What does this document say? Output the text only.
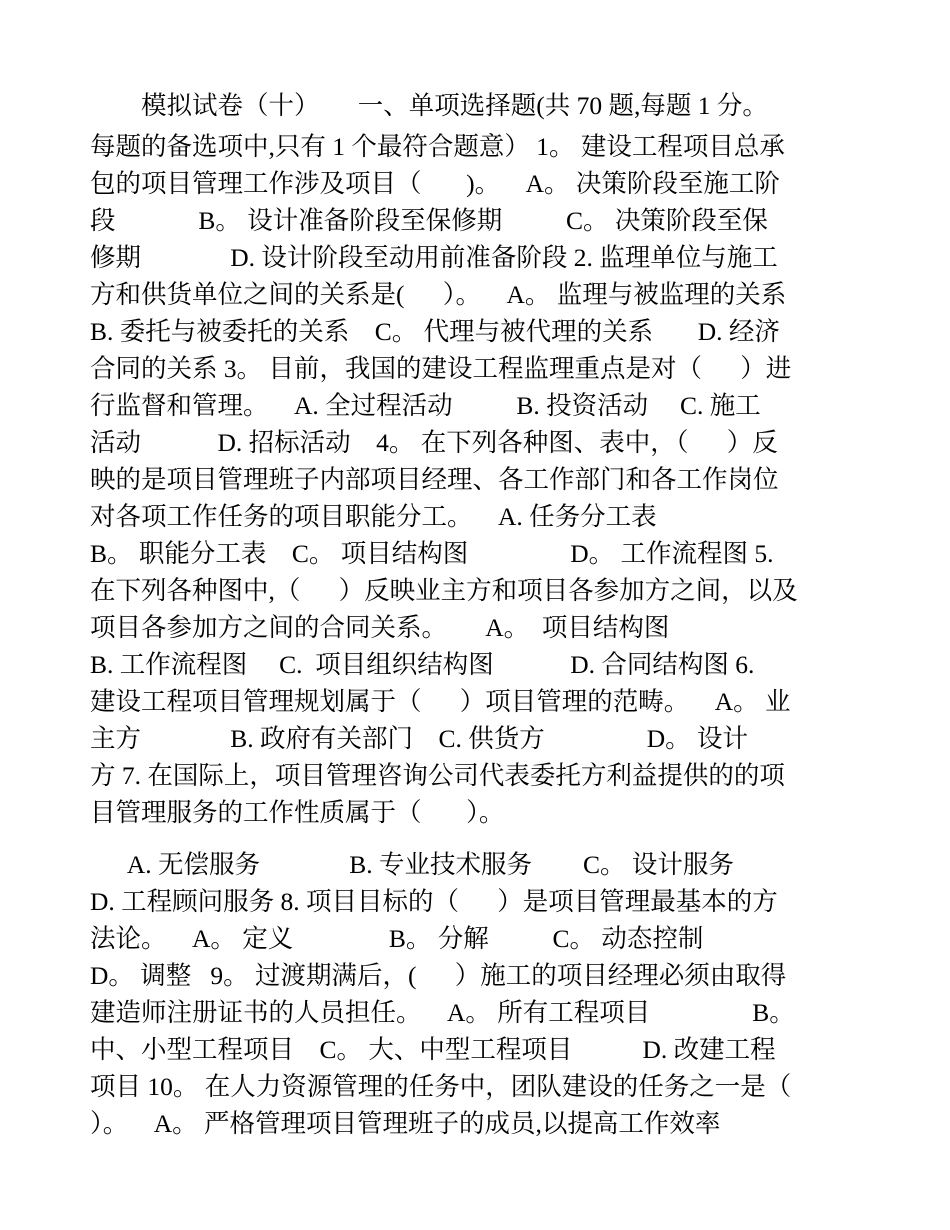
模拟试卷（十）      一、单项选择题(共 70 题,每题 1 分。
每题的备选项中,只有 1 个最符合题意） 1。 建设工程项目总承
包的项目管理工作涉及项目（       )。    A。 决策阶段至施工阶
段             B。 设计准备阶段至保修期          C。 决策阶段至保
修期              D. 设计阶段至动用前准备阶段 2. 监理单位与施工
方和供货单位之间的关系是(      ）。    A。 监理与被监理的关系
B. 委托与被委托的关系    C。 代理与被代理的关系       D. 经济
合同的关系 3。 目前，我国的建设工程监理重点是对（      ）进
行监督和管理。    A. 全过程活动          B. 投资活动     C. 施工
活动            D. 招标活动    4。 在下列各种图、表中，（      ）反
映的是项目管理班子内部项目经理、各工作部门和各工作岗位
对各项工作任务的项目职能分工。    A. 任务分工表
B。 职能分工表    C。 项目结构图                D。 工作流程图 5.
在下列各种图中,（      ）反映业主方和项目各参加方之间，以及
项目各参加方之间的合同关系。      A。  项目结构图
B. 工作流程图     C.  项目组织结构图            D. 合同结构图 6.
建设工程项目管理规划属于（      ）项目管理的范畴。    A。 业
主方              B. 政府有关部门    C. 供货方                D。 设计
方 7. 在国际上，项目管理咨询公司代表委托方利益提供的的项
目管理服务的工作性质属于（       ）。
A. 无偿服务              B. 专业技术服务        C。 设计服务
D. 工程顾问服务 8. 项目目标的（      ）是项目管理最基本的方
法论。    A。 定义               B。 分解          C。 动态控制
D。 调整   9。 过渡期满后，(      ）施工的项目经理必须由取得
建造师注册证书的人员担任。    A。 所有工程项目                B。
中、小型工程项目    C。 大、中型工程项目           D. 改建工程
项目 10。 在人力资源管理的任务中，团队建设的任务之一是（
）。    A。 严格管理项目管理班子的成员,以提高工作效率
